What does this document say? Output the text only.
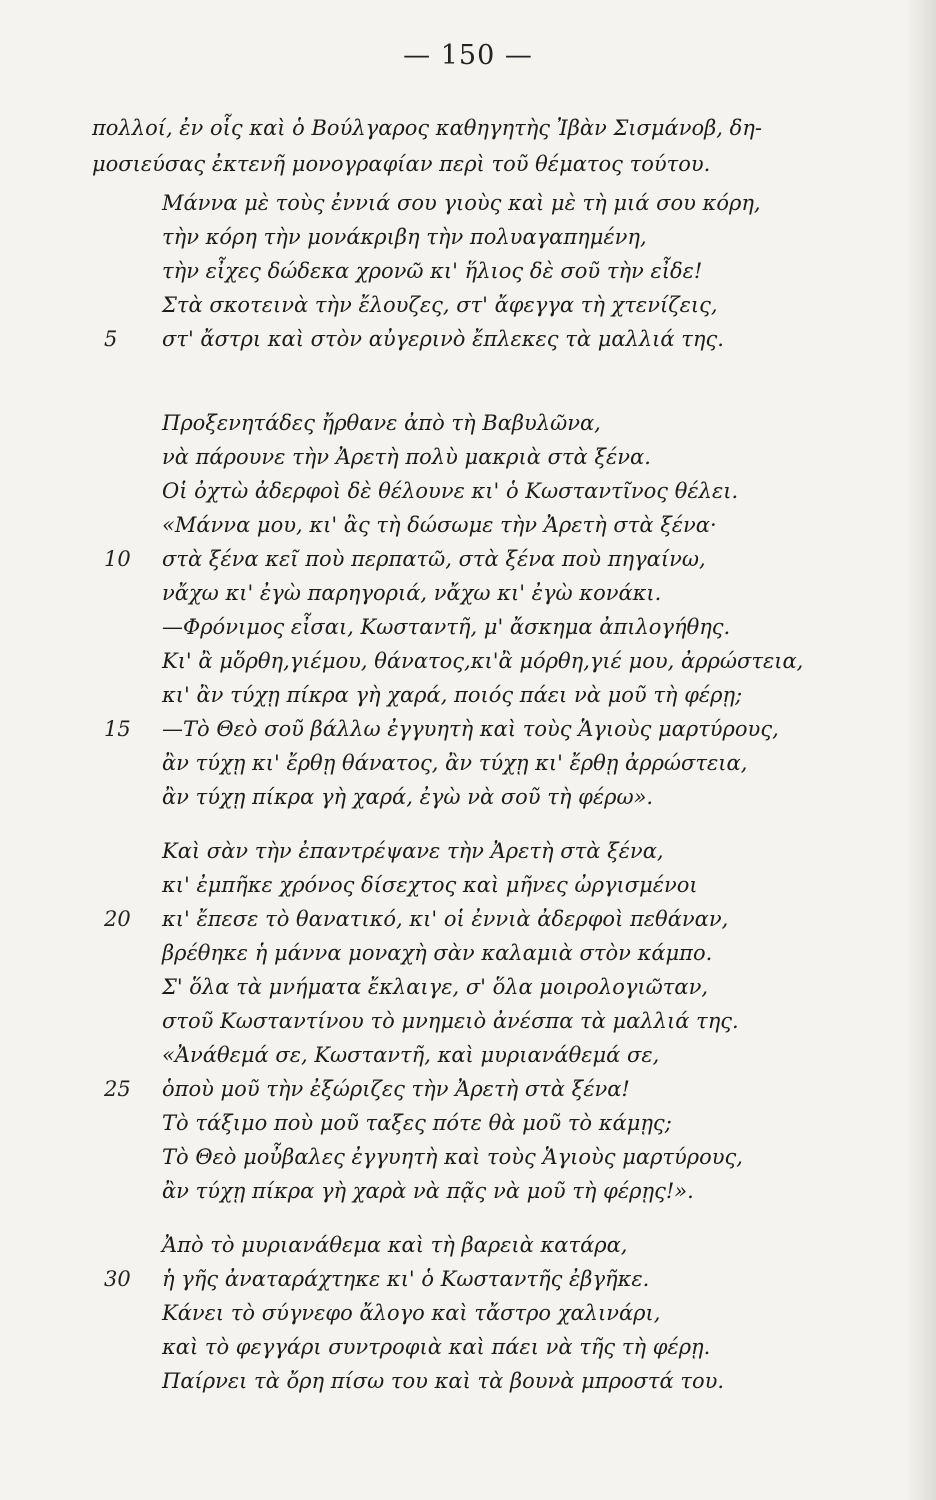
— 150 —
πολλοί, ἐν οἷς καὶ ὁ Βούλγαρος καθηγητὴς Ἰβὰν Σισμάνοβ, δη-
μοσιεύσας ἐκτενῆ μονογραφίαν περὶ τοῦ θέματος τούτου.
Μάννα μὲ τοὺς ἐννιά σου γιοὺς καὶ μὲ τὴ μιά σου κόρη,
τὴν κόρη τὴν μονάκριβη τὴν πολυαγαπημένη,
τὴν εἶχες δώδεκα χρονῶ κι' ἥλιος δὲ σοῦ τὴν εἶδε!
Στὰ σκοτεινὰ τὴν ἔλουζες, στ' ἄφεγγα τὴ χτενίζεις,
5	στ' ἄστρι καὶ στὸν αὐγερινὸ ἔπλεκες τὰ μαλλιά της.
Προξενητάδες ἤρθανε ἀπὸ τὴ Βαβυλῶνα,
νὰ πάρουνε τὴν Ἀρετὴ πολὺ μακριὰ στὰ ξένα.
Οἱ ὀχτὼ ἀδερφοὶ δὲ θέλουνε κι' ὁ Κωσταντῖνος θέλει.
«Μάννα μου, κι' ἂς τὴ δώσωμε τὴν Ἀρετὴ στὰ ξένα·
10	στὰ ξένα κεῖ ποὺ περπατῶ, στὰ ξένα ποὺ πηγαίνω,
νἄχω κι' ἐγὼ παρηγοριά, νἄχω κι' ἐγὼ κονάκι.
—Φρόνιμος εἶσαι, Κωσταντῆ, μ' ἄσκημα ἀπιλογήθης.
Κι' ἂ μὅρθη,γιέμου, θάνατος,κι'ἂ μόρθη,γιέ μου, ἀρρώστεια,
κι' ἂν τύχῃ πίκρα γὴ χαρά, ποιός πάει νὰ μοῦ τὴ φέρῃ;
15	—Τὸ Θεὸ σοῦ βάλλω ἐγγυητὴ καὶ τοὺς Ἁγιοὺς μαρτύρους,
ἂν τύχῃ κι' ἔρθῃ θάνατος, ἂν τύχῃ κι' ἔρθῃ ἀρρώστεια,
ἂν τύχῃ πίκρα γὴ χαρά, ἐγὼ νὰ σοῦ τὴ φέρω».
Καὶ σὰν τὴν ἐπαντρέψανε τὴν Ἀρετὴ στὰ ξένα,
κι' ἐμπῆκε χρόνος δίσεχτος καὶ μῆνες ὠργισμένοι
20	κι' ἔπεσε τὸ θανατικό, κι' οἱ ἐννιὰ ἀδερφοὶ πεθάναν,
βρέθηκε ἡ μάννα μοναχὴ σὰν καλαμιὰ στὸν κάμπο.
Σ' ὅλα τὰ μνήματα ἔκλαιγε, σ' ὅλα μοιρολογιῶταν,
στοῦ Κωσταντίνου τὸ μνημειὸ ἀνέσπα τὰ μαλλιά της.
«Ἀνάθεμά σε, Κωσταντῆ, καὶ μυριανάθεμά σε,
25	ὁποὺ μοῦ τὴν ἐξώριζες τὴν Ἀρετὴ στὰ ξένα!
Τὸ τάξιμο ποὺ μοῦ ταξες πότε θὰ μοῦ τὸ κάμῃς;
Τὸ Θεὸ μοὖβαλες ἐγγυητὴ καὶ τοὺς Ἁγιοὺς μαρτύρους,
ἂν τύχῃ πίκρα γὴ χαρὰ νὰ πᾷς νὰ μοῦ τὴ φέρῃς!».
Ἀπὸ τὸ μυριανάθεμα καὶ τὴ βαρειὰ κατάρα,
30	ἡ γῆς ἀναταράχτηκε κι' ὁ Κωσταντῆς ἐβγῆκε.
Κάνει τὸ σύγνεφο ἄλογο καὶ τἄστρο χαλινάρι,
καὶ τὸ φεγγάρι συντροφιὰ καὶ πάει νὰ τῆς τὴ φέρῃ.
Παίρνει τὰ ὄρη πίσω του καὶ τὰ βουνὰ μπροστά του.
